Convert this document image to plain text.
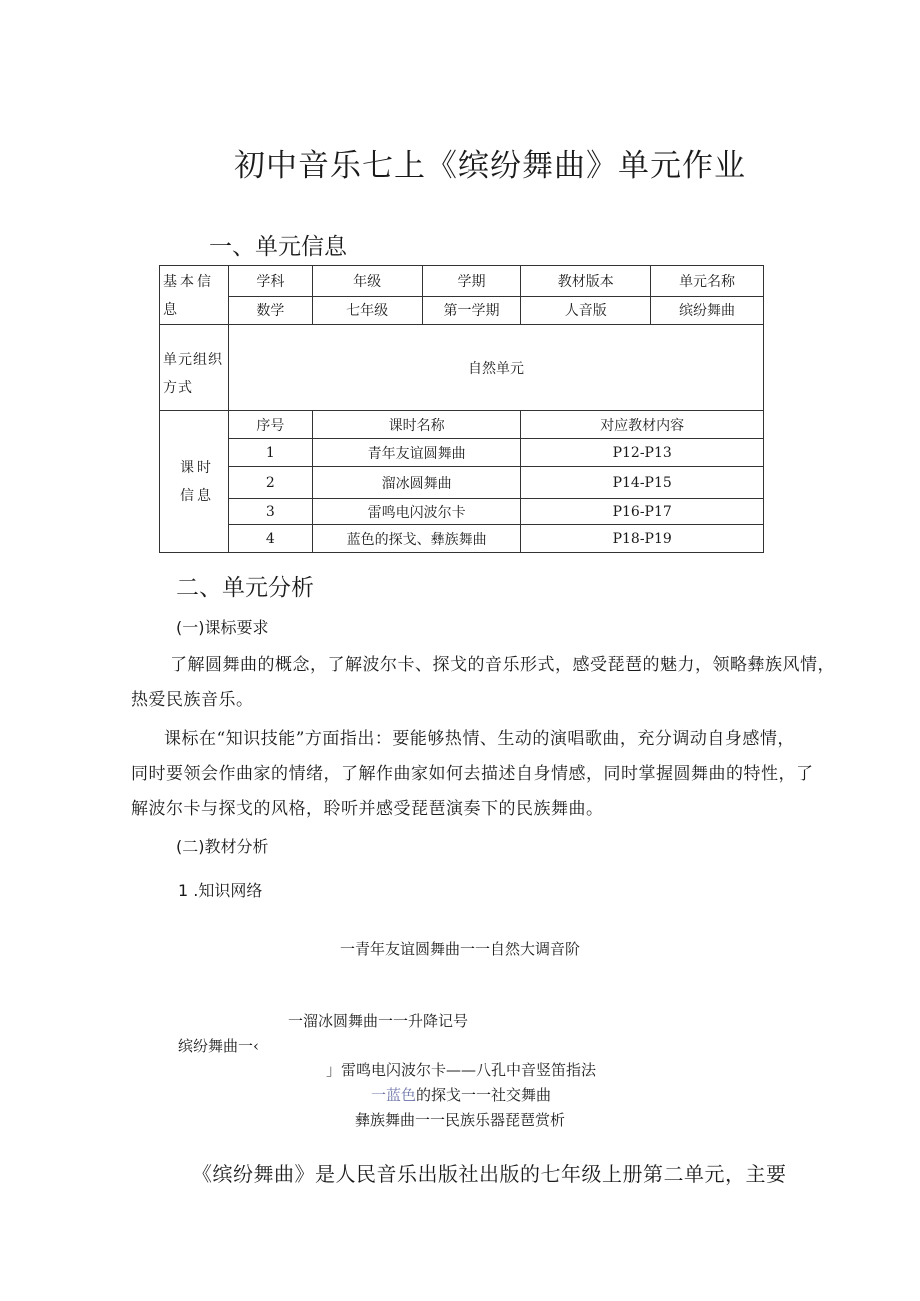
初中音乐七上《缤纷舞曲》单元作业
一、单元信息
基本信息	学科	年级	学期	教材版本	单元名称
	数学	七年级	第一学期	人音版	缤纷舞曲
单元组织方式	自然单元				
课时信息	序号	课时名称		对应教材内容	
	1	青年友谊圆舞曲		P12-P13	
	2	溜冰圆舞曲		P14-P15	
	3	雷鸣电闪波尔卡		P16-P17	
	4	蓝色的探戈、彝族舞曲		P18-P19	
二、单元分析
(一)课标要求
了解圆舞曲的概念，了解波尔卡、探戈的音乐形式，感受琵琶的魅力，领略彝族风情，
热爱民族音乐。
课标在“知识技能”方面指出：要能够热情、生动的演唱歌曲，充分调动自身感情，
同时要领会作曲家的情绪，了解作曲家如何去描述自身情感，同时掌握圆舞曲的特性，了
解波尔卡与探戈的风格，聆听并感受琵琶演奏下的民族舞曲。
(二)教材分析
1 .知识网络
一青年友谊圆舞曲一一自然大调音阶
一溜冰圆舞曲一一升降记号
缤纷舞曲一‹
」雷鸣电闪波尔卡——八孔中音竖笛指法
一蓝色的探戈一一社交舞曲
彝族舞曲一一民族乐器琵琶赏析
《缤纷舞曲》是人民音乐出版社出版的七年级上册第二单元，主要
